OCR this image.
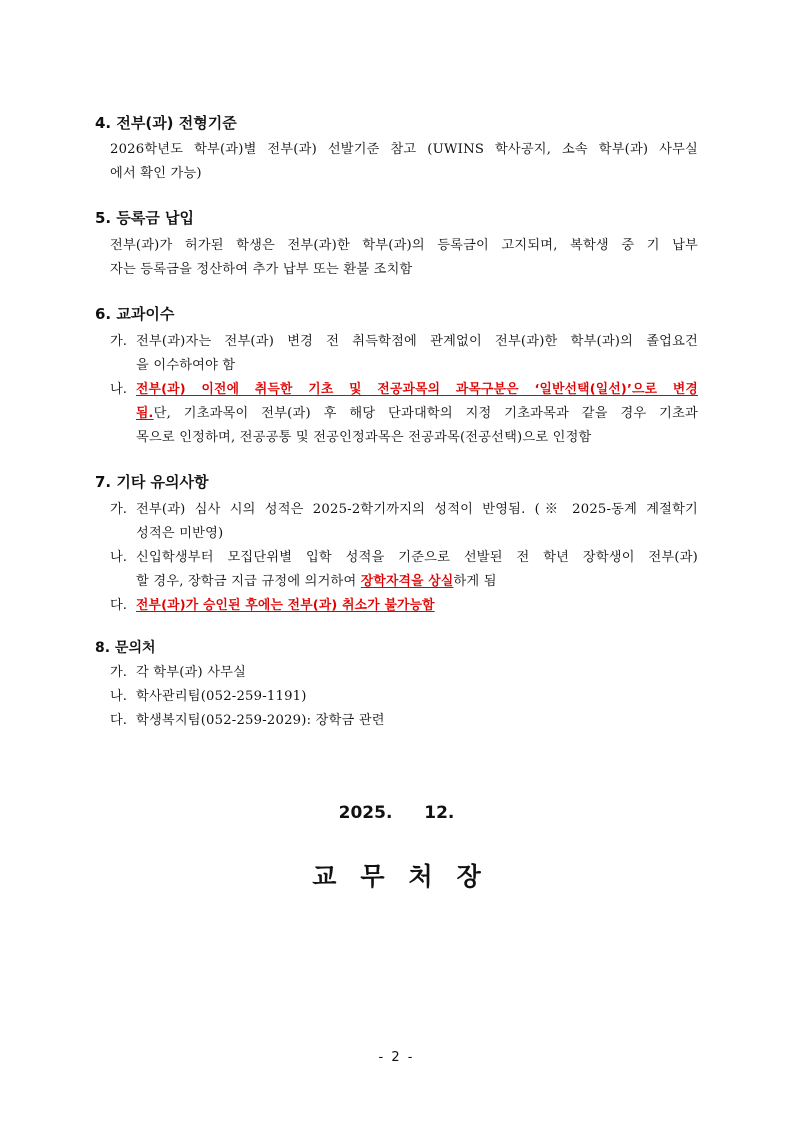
4. 전부(과) 전형기준
2026학년도 학부(과)별 전부(과) 선발기준 참고 (UWINS 학사공지, 소속 학부(과) 사무실
에서 확인 가능)
5. 등록금 납입
전부(과)가 허가된 학생은 전부(과)한 학부(과)의 등록금이 고지되며, 복학생 중 기 납부
자는 등록금을 정산하여 추가 납부 또는 환불 조치함
6. 교과이수
가. 전부(과)자는 전부(과) 변경 전 취득학점에 관계없이 전부(과)한 학부(과)의 졸업요건
을 이수하여야 함
나. 전부(과) 이전에 취득한 기초 및 전공과목의 과목구분은 ‘일반선택(일선)’으로 변경
됨. 단, 기초과목이 전부(과) 후 해당 단과대학의 지정 기초과목과 같을 경우 기초과
목으로 인정하며, 전공공통 및 전공인정과목은 전공과목(전공선택)으로 인정함
7. 기타 유의사항
가. 전부(과) 심사 시의 성적은 2025-2학기까지의 성적이 반영됨. (※ 2025-동계 계절학기
성적은 미반영)
나. 신입학생부터 모집단위별 입학 성적을 기준으로 선발된 전 학년 장학생이 전부(과)
할 경우, 장학금 지급 규정에 의거하여 장학자격을 상실하게 됨
다. 전부(과)가 승인된 후에는 전부(과) 취소가 불가능함
8. 문의처
가. 각 학부(과) 사무실
나. 학사관리팀(052-259-1191)
다. 학생복지팀(052-259-2029): 장학금 관련
2025.  12.
교무처장
- 2 -
